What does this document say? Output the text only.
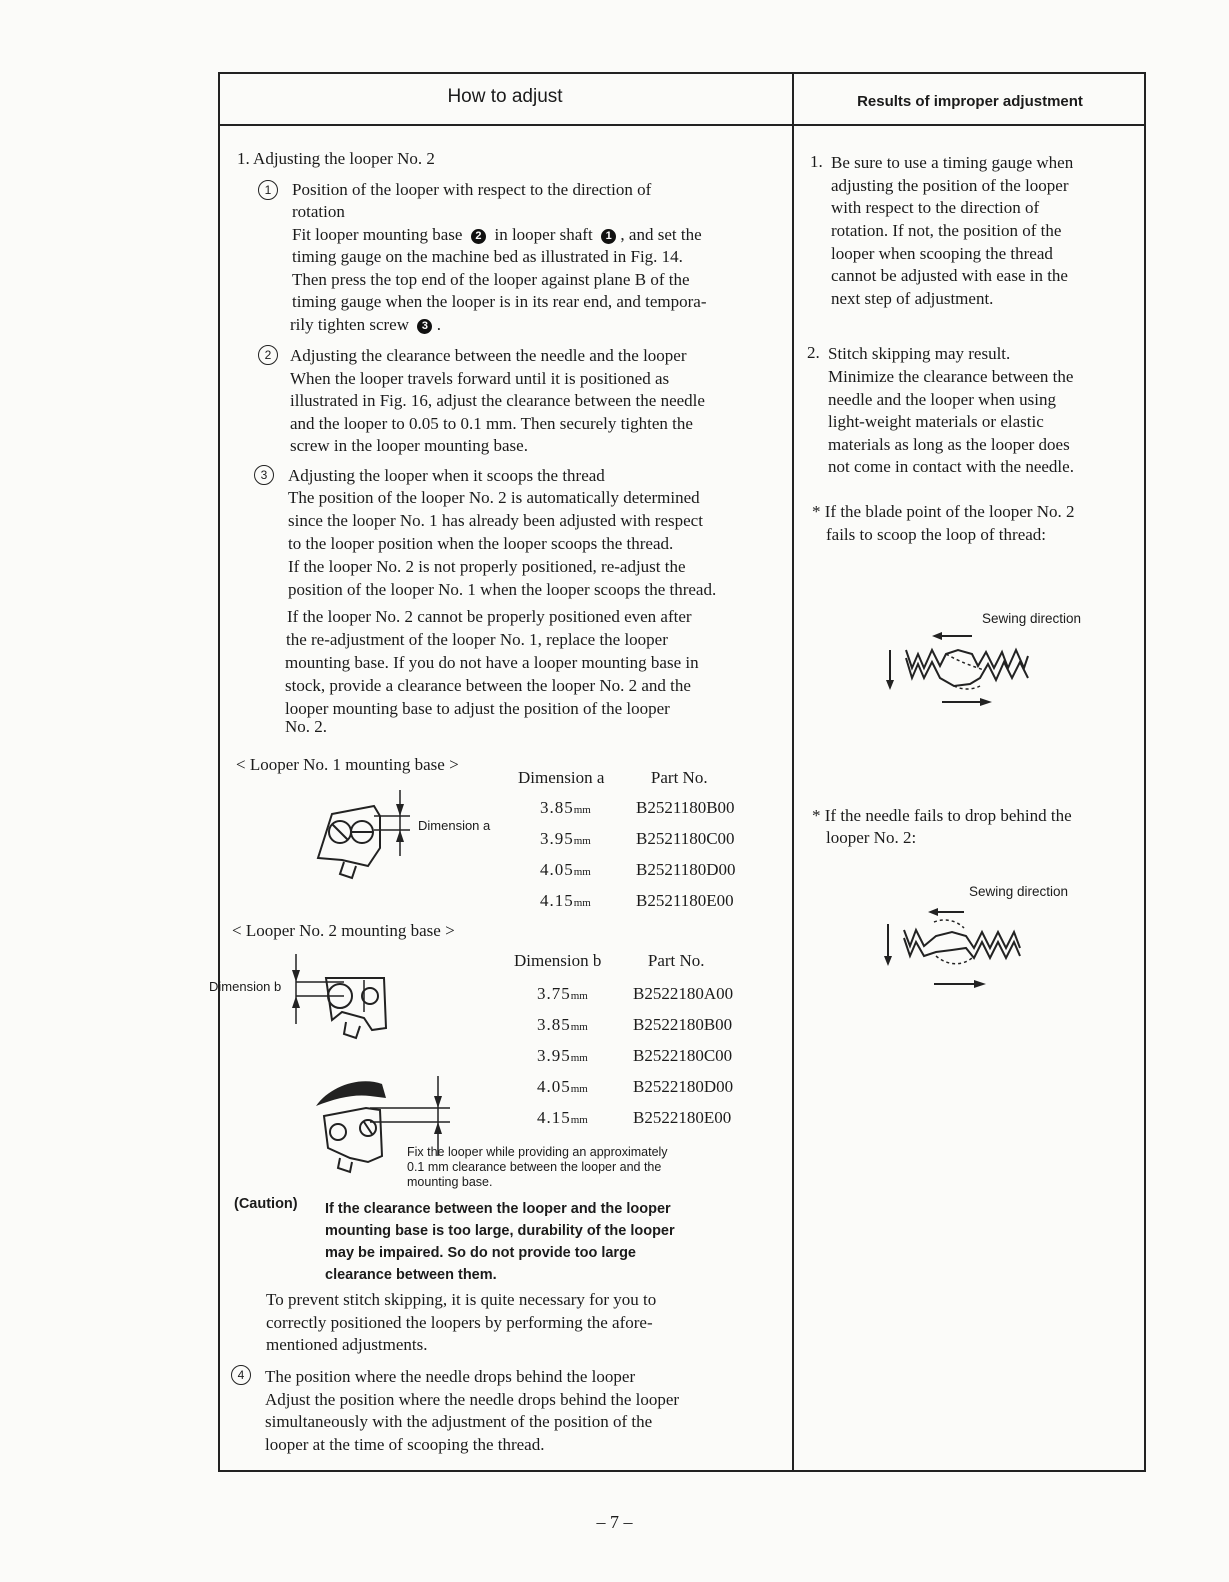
How to adjust	Results of improper adjustment
1. Adjusting the looper No. 2
1	Position of the looper with respect to the direction of
rotation
Fit looper mounting base 2 in looper shaft 1 , and set the
timing gauge on the machine bed as illustrated in Fig. 14.
Then press the top end of the looper against plane B of the
timing gauge when the looper is in its rear end, and tempora-
rily tighten screw 3 .
2	Adjusting the clearance between the needle and the looper
When the looper travels forward until it is positioned as
illustrated in Fig. 16, adjust the clearance between the needle
and the looper to 0.05 to 0.1 mm. Then securely tighten the
screw in the looper mounting base.
3	Adjusting the looper when it scoops the thread
The position of the looper No. 2 is automatically determined
since the looper No. 1 has already been adjusted with respect
to the looper position when the looper scoops the thread.
If the looper No. 2 is not properly positioned, re-adjust the
position of the looper No. 1 when the looper scoops the thread.
If the looper No. 2 cannot be properly positioned even after
the re-adjustment of the looper No. 1, replace the looper
mounting base. If you do not have a looper mounting base in
stock, provide a clearance between the looper No. 2 and the
looper mounting base to adjust the position of the looper
No. 2.
< Looper No. 1 mounting base >
Dimension a
Dimension a	Part No.
3.85mm	B2521180B00
3.95mm	B2521180C00
4.05mm	B2521180D00
4.15mm	B2521180E00
< Looper No. 2 mounting base >
Dimension b
Dimension b	Part No.
3.75mm	B2522180A00
3.85mm	B2522180B00
3.95mm	B2522180C00
4.05mm	B2522180D00
4.15mm	B2522180E00
Fix the looper while providing an approximately
0.1 mm clearance between the looper and the
mounting base.
(Caution) If the clearance between the looper and the looper
mounting base is too large, durability of the looper
may be impaired. So do not provide too large
clearance between them.
To prevent stitch skipping, it is quite necessary for you to
correctly positioned the loopers by performing the afore-
mentioned adjustments.
4	The position where the needle drops behind the looper
Adjust the position where the needle drops behind the looper
simultaneously with the adjustment of the position of the
looper at the time of scooping the thread.
1. Be sure to use a timing gauge when
adjusting the position of the looper
with respect to the direction of
rotation. If not, the position of the
looper when scooping the thread
cannot be adjusted with ease in the
next step of adjustment.
2. Stitch skipping may result.
Minimize the clearance between the
needle and the looper when using
light-weight materials or elastic
materials as long as the looper does
not come in contact with the needle.
* If the blade point of the looper No. 2
fails to scoop the loop of thread:
Sewing direction
* If the needle fails to drop behind the
looper No. 2:
Sewing direction
– 7 –
